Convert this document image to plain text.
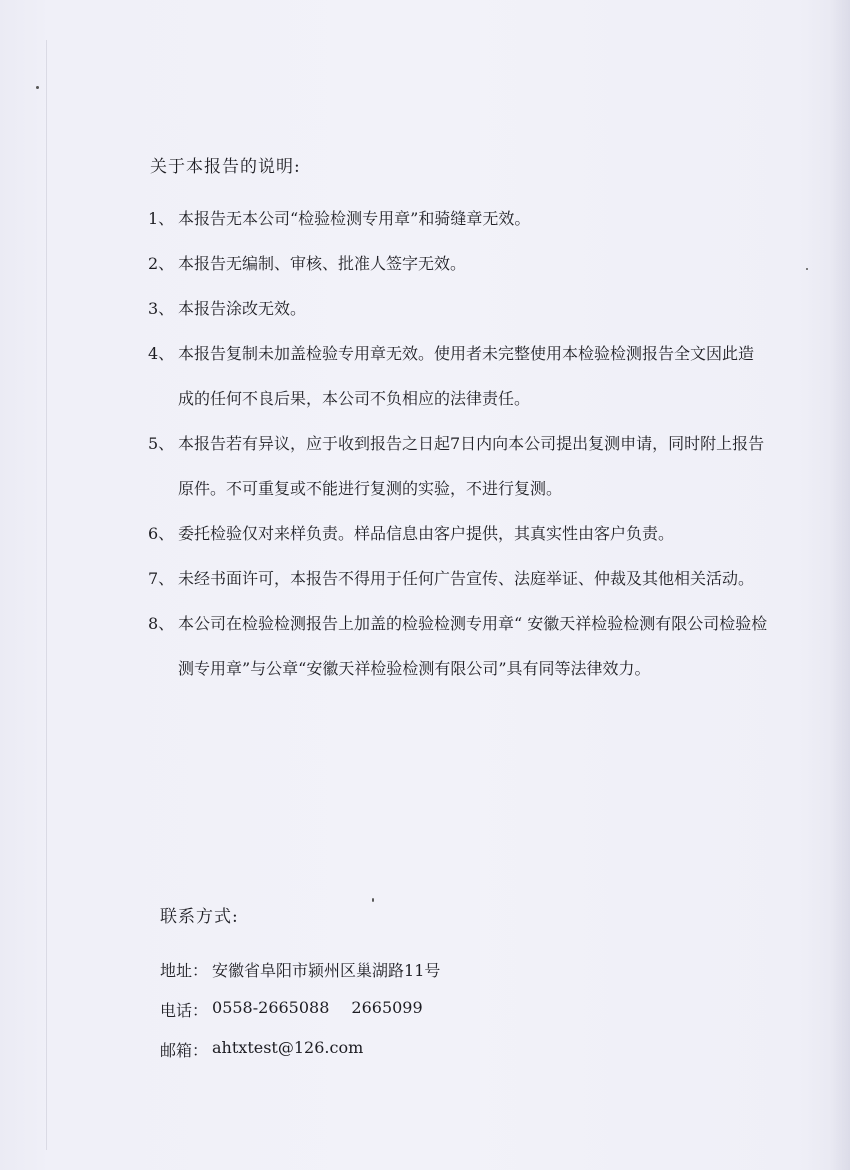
关于本报告的说明:
1、 本报告无本公司“检验检测专用章”和骑缝章无效。
2、 本报告无编制、审核、批准人签字无效。
3、 本报告涂改无效。
4、 本报告复制未加盖检验专用章无效。使用者未完整使用本检验检测报告全文因此造成的任何不良后果，本公司不负相应的法律责任。
5、 本报告若有异议，应于收到报告之日起7日内向本公司提出复测申请，同时附上报告原件。不可重复或不能进行复测的实验，不进行复测。
6、 委托检验仅对来样负责。样品信息由客户提供，其真实性由客户负责。
7、 未经书面许可，本报告不得用于任何广告宣传、法庭举证、仲裁及其他相关活动。
8、 本公司在检验检测报告上加盖的检验检测专用章“ 安徽天祥检验检测有限公司检验检测专用章”与公章“安徽天祥检验检测有限公司”具有同等法律效力。
联系方式:
地址： 安徽省阜阳市颍州区巢湖路11号
电话： 0558-2665088 2665099
邮箱： ahtxtest@126.com
